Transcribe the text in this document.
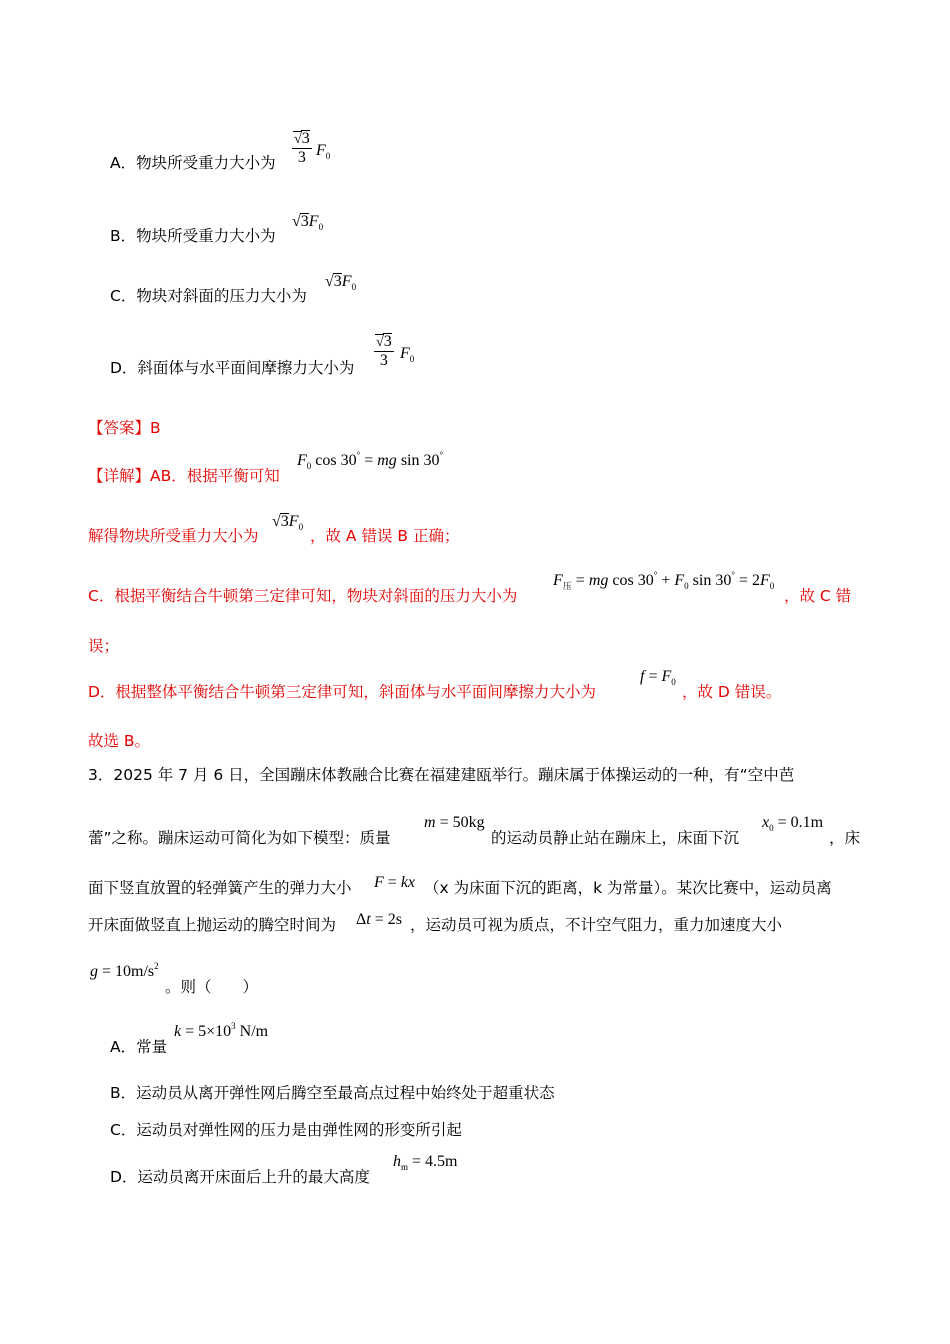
A．物块所受重力大小为 $\frac{√3}{3} F_0$
B．物块所受重力大小为
$√3F_0$
C．物块对斜面的压力大小为
$√3F_0$
D．斜面体与水平面间摩擦力大小为 $\frac{√3}{3} F_0$
【答案】B
【详解】AB．根据平衡可知
$F_0$ cos 30° = mg sin 30°
解得物块所受重力大小为
$√3F_0$ ，故 A 错误 B 正确；
C．根据平衡结合牛顿第三定律可知，物块对斜面的压力大小为
$F_压$ = mg $\cos 30^\circ + F_0$ $\sin 30^\circ = 2F_0$
，故 C 错
误；
D．根据整体平衡结合牛顿第三定律可知，斜面体与水平面间摩擦力大小为
$f = F_0$
，故 D 错误。
故选 B。
3．2025 年 7 月 6 日，全国蹦床体教融合比赛在福建建瓯举行。蹦床属于体操运动的一种，有“空中芭
蕾”之称。蹦床运动可简化为如下模型：质量
m = 50kg
的运动员静止站在蹦床上，床面下沉
$x_0 = 0.1m$
，床
面下竖直放置的轻弹簧产生的弹力大小 F = kx （x 为床面下沉的距离，k 为常量）。某次比赛中，运动员离
开床面做竖直上抛运动的腾空时间为 Δt = 2s ，运动员可视为质点，不计空气阻力，重力加速度大小
$g = 10m/s^2$
。则（　　）
A．常量
$k = 5\times 10^3$ N/m
B．运动员从离开弹性网后腾空至最高点过程中始终处于超重状态
C．运动员对弹性网的压力是由弹性网的形变所引起
D．运动员离开床面后上升的最大高度
$h_m = 4.5m$
